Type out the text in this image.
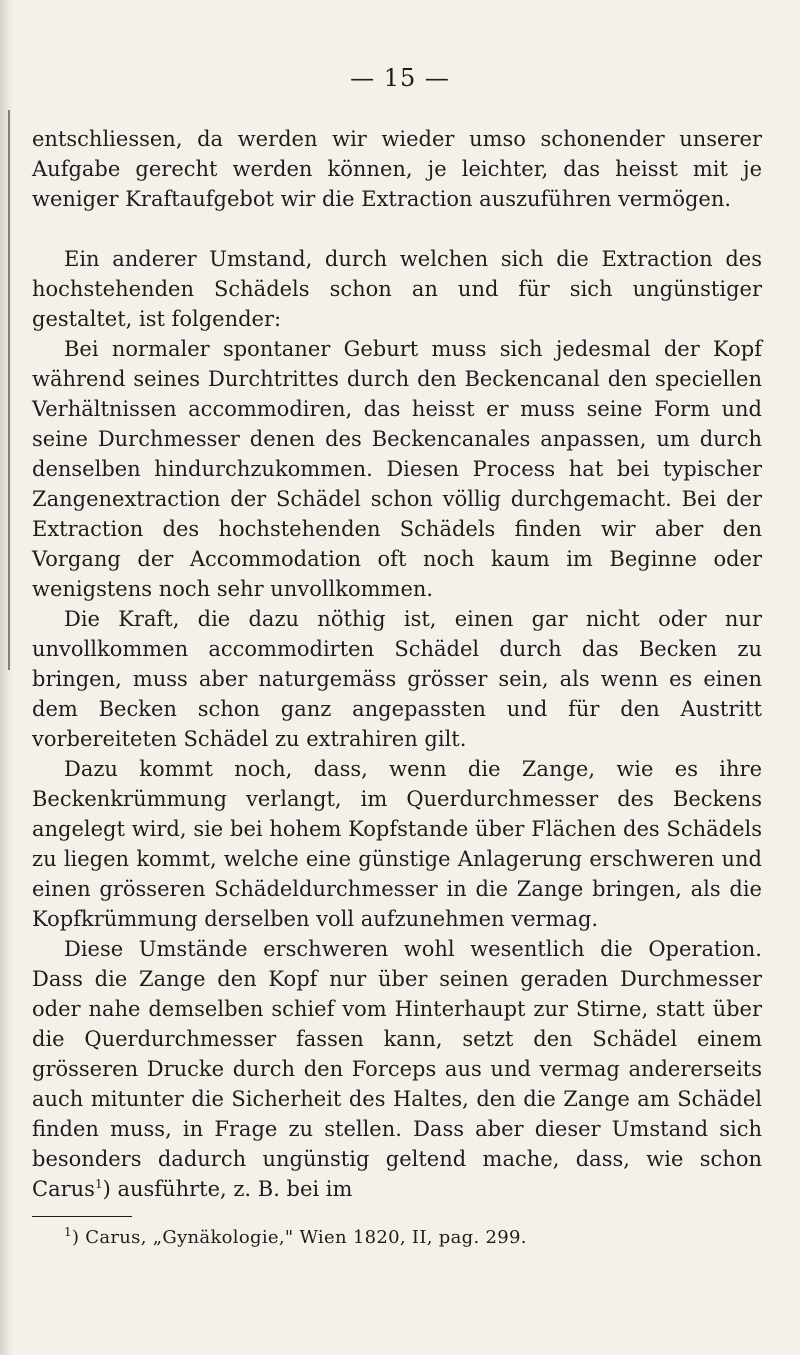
— 15 —

entschliessen, da werden wir wieder umso schonender unserer Aufgabe gerecht werden können, je leichter, das heisst mit je weniger Kraftaufgebot wir die Extraction auszuführen vermögen.

Ein anderer Umstand, durch welchen sich die Extraction des hochstehenden Schädels schon an und für sich ungünstiger gestaltet, ist folgender:

Bei normaler spontaner Geburt muss sich jedesmal der Kopf während seines Durchtrittes durch den Beckencanal den speciellen Verhältnissen accommodiren, das heisst er muss seine Form und seine Durchmesser denen des Beckencanales anpassen, um durch denselben hindurchzukommen. Diesen Process hat bei typischer Zangenextraction der Schädel schon völlig durchgemacht. Bei der Extraction des hochstehenden Schädels finden wir aber den Vorgang der Accommodation oft noch kaum im Beginne oder wenigstens noch sehr unvollkommen.

Die Kraft, die dazu nöthig ist, einen gar nicht oder nur unvollkommen accommodirten Schädel durch das Becken zu bringen, muss aber naturgemäss grösser sein, als wenn es einen dem Becken schon ganz angepassten und für den Austritt vorbereiteten Schädel zu extrahiren gilt.

Dazu kommt noch, dass, wenn die Zange, wie es ihre Beckenkrümmung verlangt, im Querdurchmesser des Beckens angelegt wird, sie bei hohem Kopfstande über Flächen des Schädels zu liegen kommt, welche eine günstige Anlagerung erschweren und einen grösseren Schädeldurchmesser in die Zange bringen, als die Kopfkrümmung derselben voll aufzunehmen vermag.

Diese Umstände erschweren wohl wesentlich die Operation. Dass die Zange den Kopf nur über seinen geraden Durchmesser oder nahe demselben schief vom Hinterhaupt zur Stirne, statt über die Querdurchmesser fassen kann, setzt den Schädel einem grösseren Drucke durch den Forceps aus und vermag andererseits auch mitunter die Sicherheit des Haltes, den die Zange am Schädel finden muss, in Frage zu stellen. Dass aber dieser Umstand sich besonders dadurch ungünstig geltend mache, dass, wie schon Carus$^1$) ausführte, z. B. bei im

$^1$) Carus, „Gynäkologie," Wien 1820, II, pag. 299.
